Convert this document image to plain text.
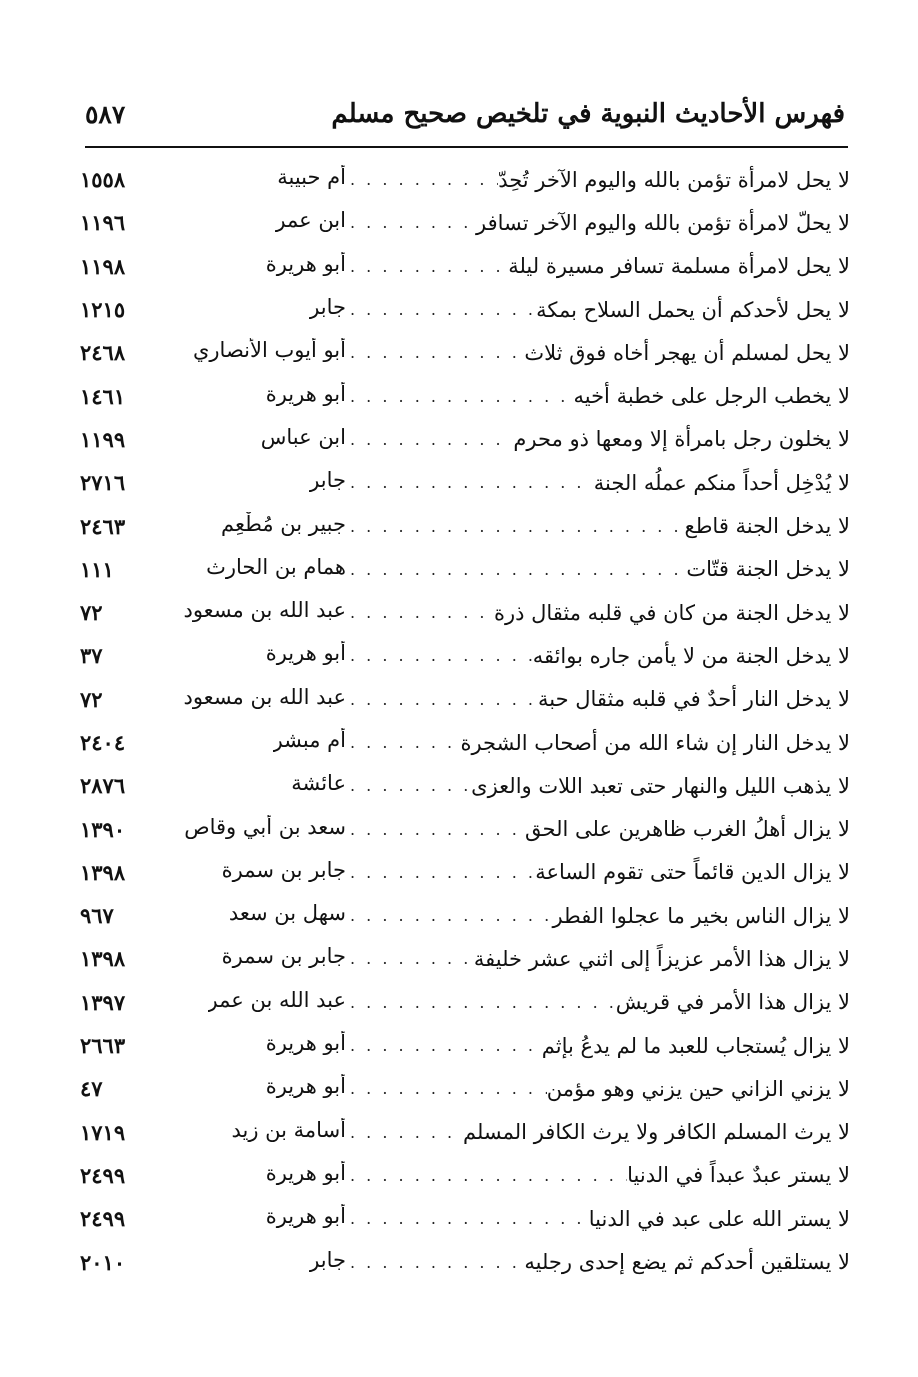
٥٨٧	فهرس الأحاديث النبوية في تلخيص صحيح مسلم
لا يحل لامرأة تؤمن بالله واليوم الآخر تُحِدّ
. . .
أم حبيبة
١٥٥٨
لا يحلّ لامرأة تؤمن بالله واليوم الآخر تسافر
. . .
ابن عمر
١١٩٦
لا يحل لامرأة مسلمة تسافر مسيرة ليلة
. . .
أبو هريرة
١١٩٨
لا يحل لأحدكم أن يحمل السلاح بمكة
. . .
جابر
١٢١٥
لا يحل لمسلم أن يهجر أخاه فوق ثلاث
. . .
أبو أيوب الأنصاري
٢٤٦٨
لا يخطب الرجل على خطبة أخيه
. . .
أبو هريرة
١٤٦١
لا يخلون رجل بامرأة إلا ومعها ذو محرم
. . .
ابن عباس
١١٩٩
لا يُدْخِل أحداً منكم عملُه الجنة
. . .
جابر
٢٧١٦
لا يدخل الجنة قاطع
. . .
جبير بن مُطْعِم
٢٤٦٣
لا يدخل الجنة قتّات
. . .
همام بن الحارث
١١١
لا يدخل الجنة من كان في قلبه مثقال ذرة
. . .
عبد الله بن مسعود
٧٢
لا يدخل الجنة من لا يأمن جاره بوائقه
. . .
أبو هريرة
٣٧
لا يدخل النار أحدٌ في قلبه مثقال حبة
. . .
عبد الله بن مسعود
٧٢
لا يدخل النار إن شاء الله من أصحاب الشجرة
. . .
أم مبشر
٢٤٠٤
لا يذهب الليل والنهار حتى تعبد اللات والعزى
. . .
عائشة
٢٨٧٦
لا يزال أهلُ الغرب ظاهرين على الحق
. . .
سعد بن أبي وقاص
١٣٩٠
لا يزال الدين قائماً حتى تقوم الساعة
. . .
جابر بن سمرة
١٣٩٨
لا يزال الناس بخير ما عجلوا الفطر
. . .
سهل بن سعد
٩٦٧
لا يزال هذا الأمر عزيزاً إلى اثني عشر خليفة
. . .
جابر بن سمرة
١٣٩٨
لا يزال هذا الأمر في قريش
. . .
عبد الله بن عمر
١٣٩٧
لا يزال يُستجاب للعبد ما لم يدعُ بإثم
. . .
أبو هريرة
٢٦٦٣
لا يزني الزاني حين يزني وهو مؤمن
. . .
أبو هريرة
٤٧
لا يرث المسلم الكافر ولا يرث الكافر المسلم
. . .
أسامة بن زيد
١٧١٩
لا يستر عبدٌ عبداً في الدنيا
. . .
أبو هريرة
٢٤٩٩
لا يستر الله على عبد في الدنيا
. . .
أبو هريرة
٢٤٩٩
لا يستلقين أحدكم ثم يضع إحدى رجليه
. . .
جابر
٢٠١٠
